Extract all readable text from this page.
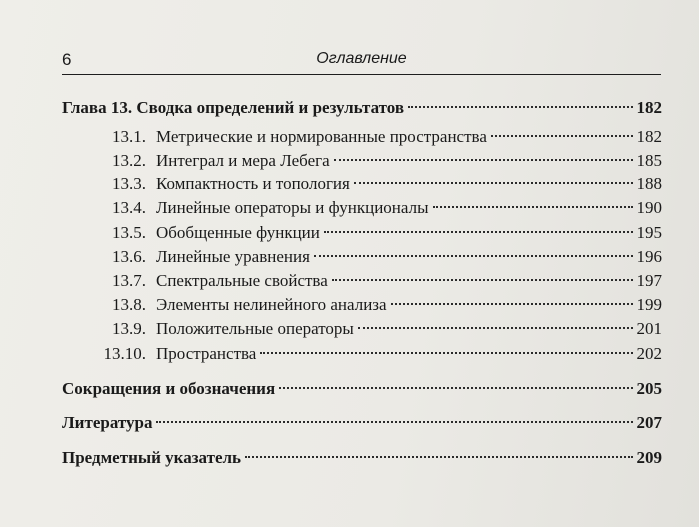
6	Оглавление
Глава 13. Сводка определений и результатов	182
13.1. Метрические и нормированные пространства	182
13.2. Интеграл и мера Лебега	185
13.3. Компактность и топология	188
13.4. Линейные операторы и функционалы	190
13.5. Обобщенные функции	195
13.6. Линейные уравнения	196
13.7. Спектральные свойства	197
13.8. Элементы нелинейного анализа	199
13.9. Положительные операторы	201
13.10. Пространства	202
Сокращения и обозначения	205
Литература	207
Предметный указатель	209
